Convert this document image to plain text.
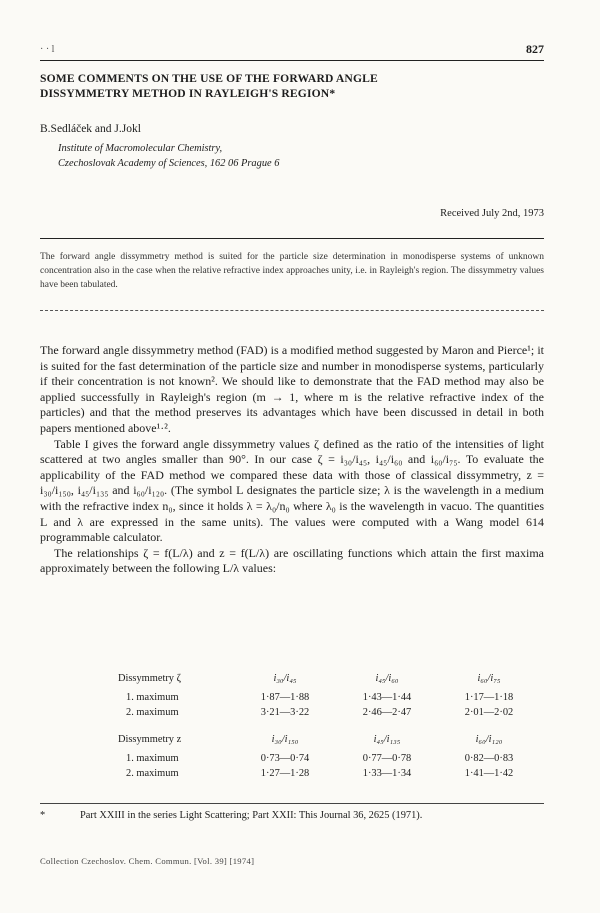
· · l	827
SOME COMMENTS ON THE USE OF THE FORWARD ANGLE
DISSYMMETRY METHOD IN RAYLEIGH'S REGION*
B.Sedláček and J.Jokl
Institute of Macromolecular Chemistry,
Czechoslovak Academy of Sciences, 162 06 Prague 6
Received July 2nd, 1973
The forward angle dissymmetry method is suited for the particle size determination in monodisperse systems of unknown concentration also in the case when the relative refractive index approaches unity, i.e. in Rayleigh's region. The dissymmetry values have been tabulated.

The forward angle dissymmetry method (FAD) is a modified method suggested by Maron and Pierce¹; it is suited for the fast determination of the particle size and number in monodisperse systems, particularly if their concentration is not known². We should like to demonstrate that the FAD method may also be applied successfully in Rayleigh's region (m → 1, where m is the relative refractive index of the particles) and that the method preserves its advantages which have been discussed in detail in both papers mentioned above¹·².

Table I gives the forward angle dissymmetry values ζ defined as the ratio of the intensities of light scattered at two angles smaller than 90°. In our case ζ = i₃₀/i₄₅, i₄₅/i₆₀ and i₆₀/i₇₅. To evaluate the applicability of the FAD method we compared these data with those of classical dissymmetry, z = i₃₀/i₁₅₀, i₄₅/i₁₃₅ and i₆₀/i₁₂₀. (The symbol L designates the particle size; λ is the wavelength in a medium with the refractive index n₀, since it holds λ = λ₀/n₀ where λ₀ is the wavelength in vacuo. The quantities L and λ are expressed in the same units). The values were computed with a Wang model 614 programmable calculator.

The relationships ζ = f(L/λ) and z = f(L/λ) are oscillating functions which attain the first maxima approximately between the following L/λ values:

Dissymmetry ζ	i₃₀/i₄₅	i₄₅/i₆₀	i₆₀/i₇₅
1. maximum	1·87—1·88	1·43—1·44	1·17—1·18
2. maximum	3·21—3·22	2·46—2·47	2·01—2·02
Dissymmetry z	i₃₀/i₁₅₀	i₄₅/i₁₃₅	i₆₀/i₁₂₀
1. maximum	0·73—0·74	0·77—0·78	0·82—0·83
2. maximum	1·27—1·28	1·33—1·34	1·41—1·42
*	Part XXIII in the series Light Scattering; Part XXII: This Journal 36, 2625 (1971).
Collection Czechoslov. Chem. Commun. [Vol. 39] [1974]
